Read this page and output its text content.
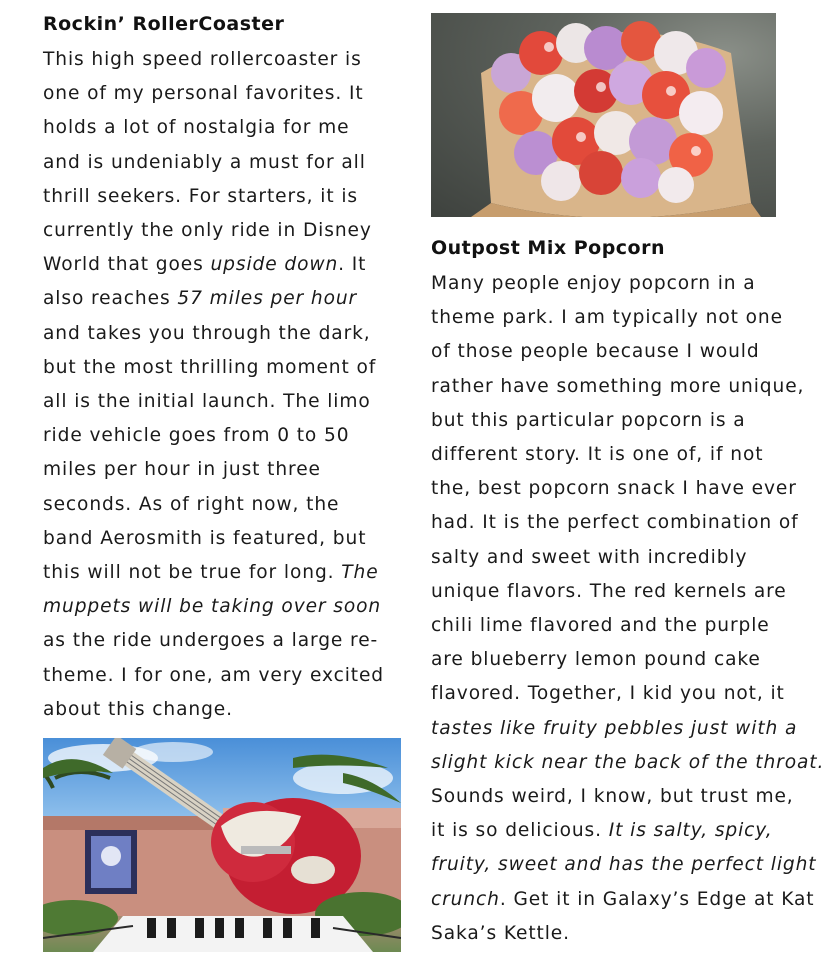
Rockin’ RollerCoaster

This high speed rollercoaster is
one of my personal favorites. It
holds a lot of nostalgia for me
and is undeniably a must for all
thrill seekers. For starters, it is
currently the only ride in Disney
World that goes upside down. It
also reaches 57 miles per hour
and takes you through the dark,
but the most thrilling moment of
all is the initial launch. The limo
ride vehicle goes from 0 to 50
miles per hour in just three
seconds. As of right now, the
band Aerosmith is featured, but
this will not be true for long. The
muppets will be taking over soon
as the ride undergoes a large re-
theme. I for one, am very excited
about this change.

Outpost Mix Popcorn

Many people enjoy popcorn in a
theme park. I am typically not one
of those people because I would
rather have something more unique,
but this particular popcorn is a
different story. It is one of, if not
the, best popcorn snack I have ever
had. It is the perfect combination of
salty and sweet with incredibly
unique flavors. The red kernels are
chili lime flavored and the purple
are blueberry lemon pound cake
flavored. Together, I kid you not, it
tastes like fruity pebbles just with a
slight kick near the back of the throat.
Sounds weird, I know, but trust me,
it is so delicious. It is salty, spicy,
fruity, sweet and has the perfect light
crunch. Get it in Galaxy’s Edge at Kat
Saka’s Kettle.
